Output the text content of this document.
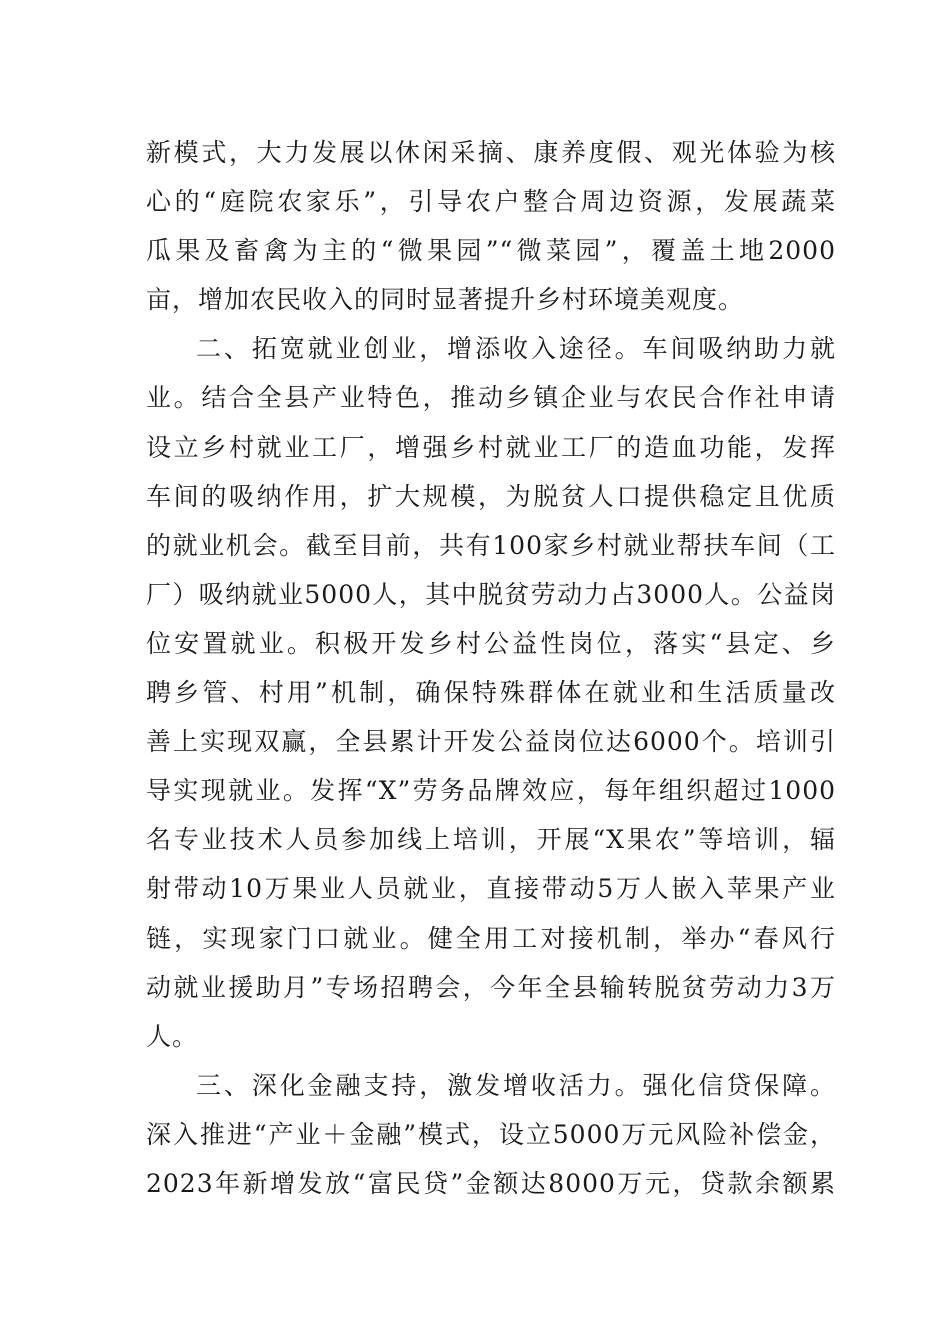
新模式，大力发展以休闲采摘、康养度假、观光体验为核
心的“庭院农家乐”，引导农户整合周边资源，发展蔬菜
瓜果及畜禽为主的“微果园”“微菜园”，覆盖土地2000
亩，增加农民收入的同时显著提升乡村环境美观度。
二、拓宽就业创业，增添收入途径。车间吸纳助力就
业。结合全县产业特色，推动乡镇企业与农民合作社申请
设立乡村就业工厂，增强乡村就业工厂的造血功能，发挥
车间的吸纳作用，扩大规模，为脱贫人口提供稳定且优质
的就业机会。截至目前，共有100家乡村就业帮扶车间（工
厂）吸纳就业5000人，其中脱贫劳动力占3000人。公益岗
位安置就业。积极开发乡村公益性岗位，落实“县定、乡
聘乡管、村用”机制，确保特殊群体在就业和生活质量改
善上实现双赢，全县累计开发公益岗位达6000个。培训引
导实现就业。发挥“X”劳务品牌效应，每年组织超过1000
名专业技术人员参加线上培训，开展“X果农”等培训，辐
射带动10万果业人员就业，直接带动5万人嵌入苹果产业
链，实现家门口就业。健全用工对接机制，举办“春风行
动就业援助月”专场招聘会，今年全县输转脱贫劳动力3万
人。
三、深化金融支持，激发增收活力。强化信贷保障。
深入推进“产业＋金融”模式，设立5000万元风险补偿金，
2023年新增发放“富民贷”金额达8000万元，贷款余额累
